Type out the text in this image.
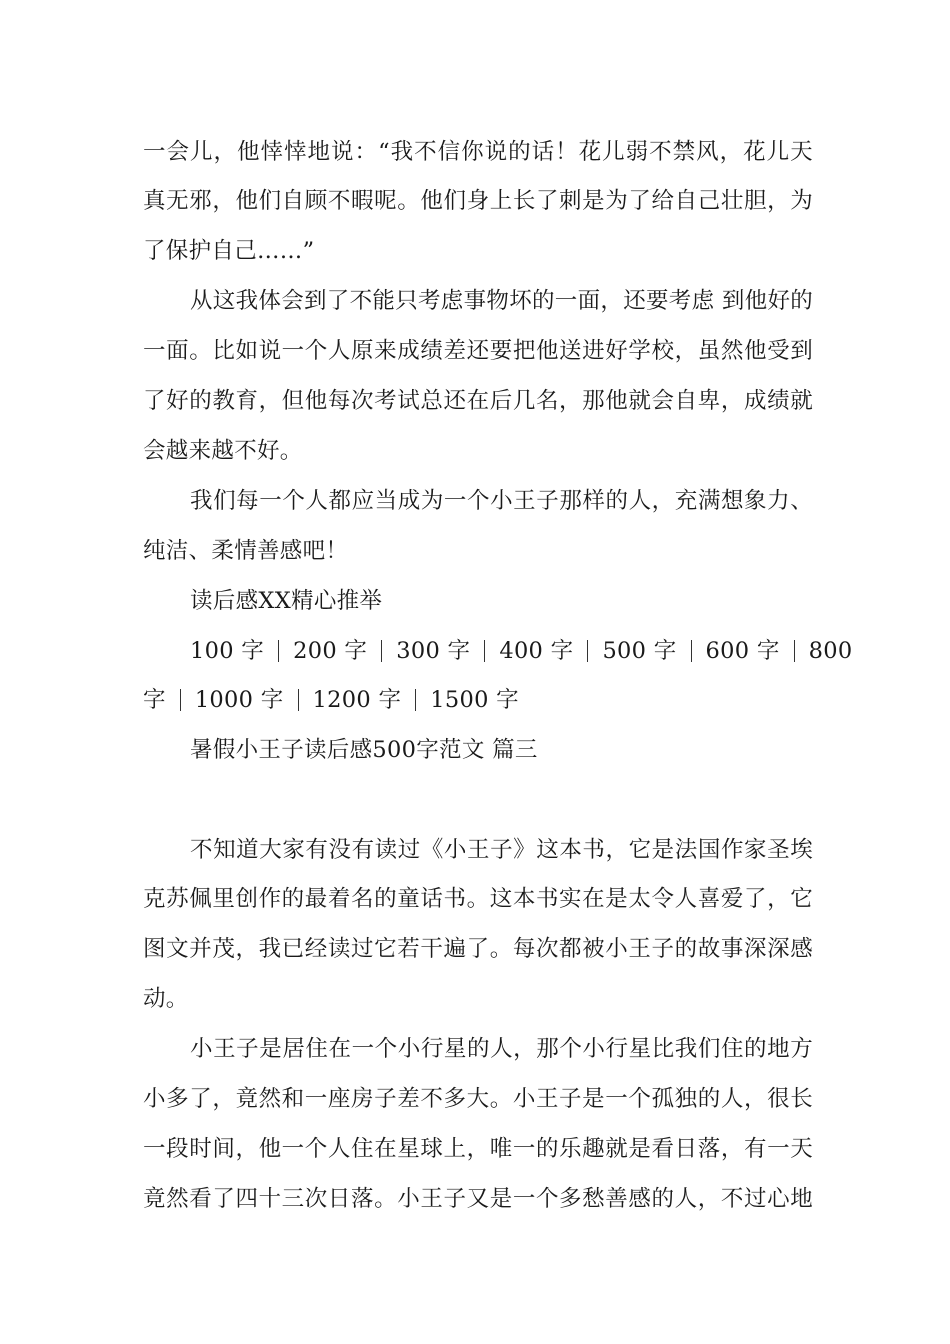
一会儿，他悻悻地说：“我不信你说的话！花儿弱不禁风，花儿天
真无邪，他们自顾不暇呢。他们身上长了刺是为了给自己壮胆，为
了保护自己……”
从这我体会到了不能只考虑事物坏的一面，还要考虑 到他好的
一面。比如说一个人原来成绩差还要把他送进好学校，虽然他受到
了好的教育，但他每次考试总还在后几名，那他就会自卑，成绩就
会越来越不好。
我们每一个人都应当成为一个小王子那样的人，充满想象力、
纯洁、柔情善感吧！
读后感XX精心推举
100 字 200 字 300 字 400 字 500 字 600 字 800
字 1000 字 1200 字 1500 字
暑假小王子读后感500字范文 篇三
不知道大家有没有读过《小王子》这本书，它是法国作家圣埃
克苏佩里创作的最着名的童话书。这本书实在是太令人喜爱了，它
图文并茂，我已经读过它若干遍了。每次都被小王子的故事深深感
动。
小王子是居住在一个小行星的人，那个小行星比我们住的地方
小多了，竟然和一座房子差不多大。小王子是一个孤独的人，很长
一段时间，他一个人住在星球上，唯一的乐趣就是看日落，有一天
竟然看了四十三次日落。小王子又是一个多愁善感的人，不过心地
